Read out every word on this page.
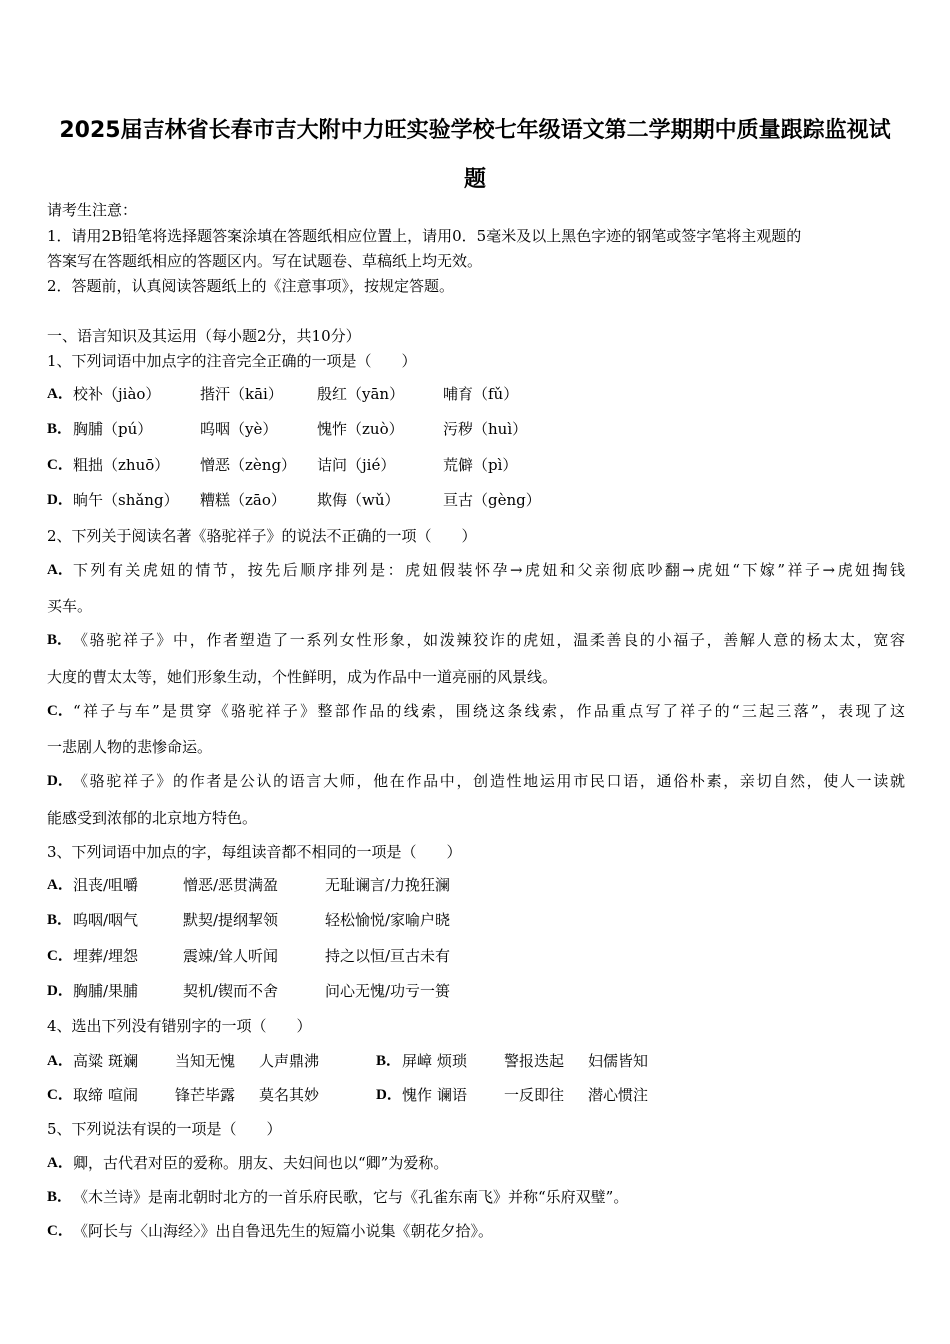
2025届吉林省长春市吉大附中力旺实验学校七年级语文第二学期期中质量跟踪监视试
题
请考生注意：
1．请用2B铅笔将选择题答案涂填在答题纸相应位置上，请用0．5毫米及以上黑色字迹的钢笔或签字笔将主观题的
答案写在答题纸相应的答题区内。写在试题卷、草稿纸上均无效。
2．答题前，认真阅读答题纸上的《注意事项》，按规定答题。
一、语言知识及其运用（每小题2分，共10分）
1、下列词语中加点字的注音完全正确的一项是（　　）
2、下列关于阅读名著《骆驼祥子》的说法不正确的一项（　　）
3、下列词语中加点的字，每组读音都不相同的一项是（　　）
4、选出下列没有错别字的一项（　　）
5、下列说法有误的一项是（　　）
A． 校补（jiào）	揩汗（kāi） 殷红（yān）	哺育（fǔ）
B． 胸脯（pú）	呜咽（yè）	愧怍（zuò）	污秽（huì）
C． 粗拙（zhuō） 憎恶（zèng） 诘问（jié）	荒僻（pì）
D． 晌午（shǎng） 糟糕（zāo） 欺侮（wǔ）	亘古（gèng）
A． 下列有关虎妞的情节，按先后顺序排列是：虎妞假装怀孕→虎妞和父亲彻底吵翻→虎妞“下嫁”祥子→虎妞掏钱
买车。
B． 《骆驼祥子》中，作者塑造了一系列女性形象，如泼辣狡诈的虎妞，温柔善良的小福子，善解人意的杨太太，宽容
大度的曹太太等，她们形象生动，个性鲜明，成为作品中一道亮丽的风景线。
C． “祥子与车”是贯穿《骆驼祥子》整部作品的线索，围绕这条线索，作品重点写了祥子的“三起三落”，表现了这
一悲剧人物的悲惨命运。
D． 《骆驼祥子》的作者是公认的语言大师，他在作品中，创造性地运用市民口语，通俗朴素，亲切自然，使人一读就
能感受到浓郁的北京地方特色。
A． 沮丧/咀嚼	憎恶/恶贯满盈	无耻谰言/力挽狂澜
B． 呜咽/咽气	默契/提纲挈领	轻松愉悦/家喻户晓
C． 埋葬/埋怨	震竦/耸人听闻	持之以恒/亘古未有
D． 胸脯/果脯	契机/锲而不舍	问心无愧/功亏一篑
A． 高粱 斑斓 当知无愧 人声鼎沸	B． 屏嶂 烦琐 警报迭起 妇儒皆知
C． 取缔 喧闹 锋芒毕露 莫名其妙	D． 愧作 谰语 一反即往 潜心惯注
A． 卿，古代君对臣的爱称。朋友、夫妇间也以“卿”为爱称。
B． 《木兰诗》是南北朝时北方的一首乐府民歌，它与《孔雀东南飞》并称“乐府双璧”。
C． 《阿长与〈山海经〉》出自鲁迅先生的短篇小说集《朝花夕拾》。
